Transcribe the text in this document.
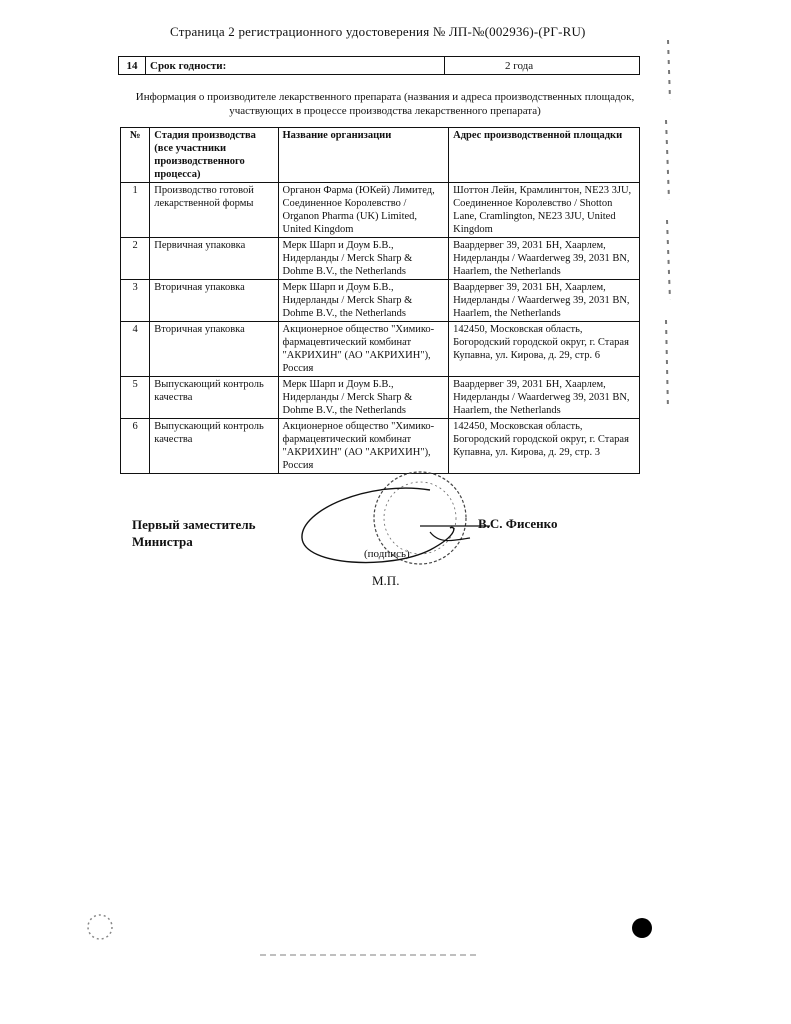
Страница 2 регистрационного удостоверения № ЛП-№(002936)-(РГ-RU)
14	Срок годности:	2 года
Информация о производителе лекарственного препарата (названия и адреса производственных площадок, участвующих в процессе производства лекарственного препарата)
№	Стадия производства (все участники производственного процесса)	Название организации	Адрес производственной площадки
1	Производство готовой лекарственной формы	Органон Фарма (ЮКей) Лимитед, Соединенное Королевство / Organon Pharma (UK) Limited, United Kingdom	Шоттон Лейн, Крамлингтон, NE23 3JU, Соединенное Королевство / Shotton Lane, Cramlington, NE23 3JU, United Kingdom
2	Первичная упаковка	Мерк Шарп и Доум Б.В., Нидерланды / Merck Sharp & Dohme B.V., the Netherlands	Ваардервег 39, 2031 БН, Хаарлем, Нидерланды / Waarderweg 39, 2031 BN, Haarlem, the Netherlands
3	Вторичная упаковка	Мерк Шарп и Доум Б.В., Нидерланды / Merck Sharp & Dohme B.V., the Netherlands	Ваардервег 39, 2031 БН, Хаарлем, Нидерланды / Waarderweg 39, 2031 BN, Haarlem, the Netherlands
4	Вторичная упаковка	Акционерное общество "Химико-фармацевтический комбинат "АКРИХИН" (АО "АКРИХИН"), Россия	142450, Московская область, Богородский городской округ, г. Старая Купавна, ул. Кирова, д. 29, стр. 6
5	Выпускающий контроль качества	Мерк Шарп и Доум Б.В., Нидерланды / Merck Sharp & Dohme B.V., the Netherlands	Ваардервег 39, 2031 БН, Хаарлем, Нидерланды / Waarderweg 39, 2031 BN, Haarlem, the Netherlands
6	Выпускающий контроль качества	Акционерное общество "Химико-фармацевтический комбинат "АКРИХИН" (АО "АКРИХИН"), Россия	142450, Московская область, Богородский городской округ, г. Старая Купавна, ул. Кирова, д. 29, стр. 3
Первый заместитель
Министра
В.С. Фисенко
(подпись)
М.П.
